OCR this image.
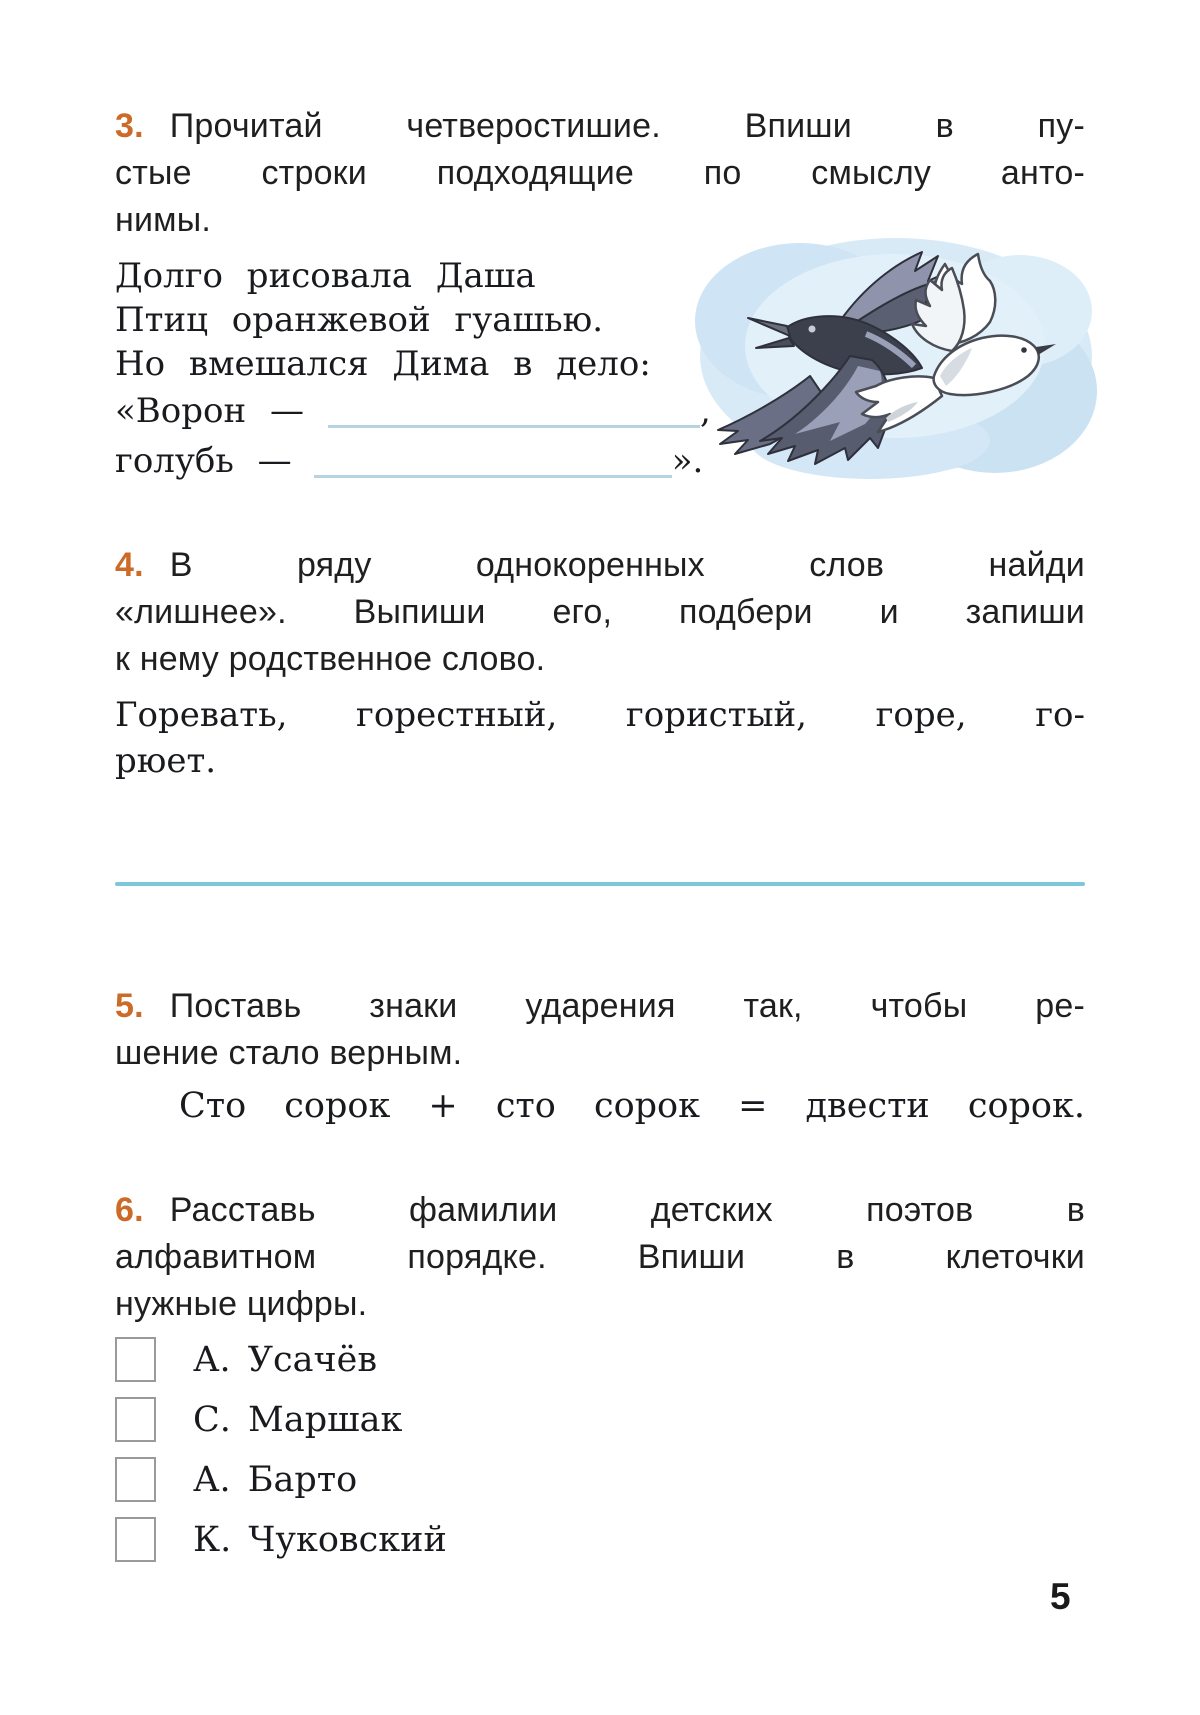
3. Прочитай четверостишие. Впиши в пу-
стые строки подходящие по смыслу анто-
нимы.
Долго рисовала Даша
Птиц оранжевой гуашью.
Но вмешался Дима в дело:
«Ворон —	,
голубь —	».
4. В ряду однокоренных слов найди
«лишнее». Выпиши его, подбери и запиши
к нему родственное слово.
Горевать, горестный, гористый, горе, го-
рюет.
5. Поставь знаки ударения так, чтобы ре-
шение стало верным.
Сто сорок + сто сорок = двести сорок.
6. Расставь фамилии детских поэтов в
алфавитном порядке. Впиши в клеточки
нужные цифры.
А. Усачёв
С. Маршак
А. Барто
К. Чуковский
5
